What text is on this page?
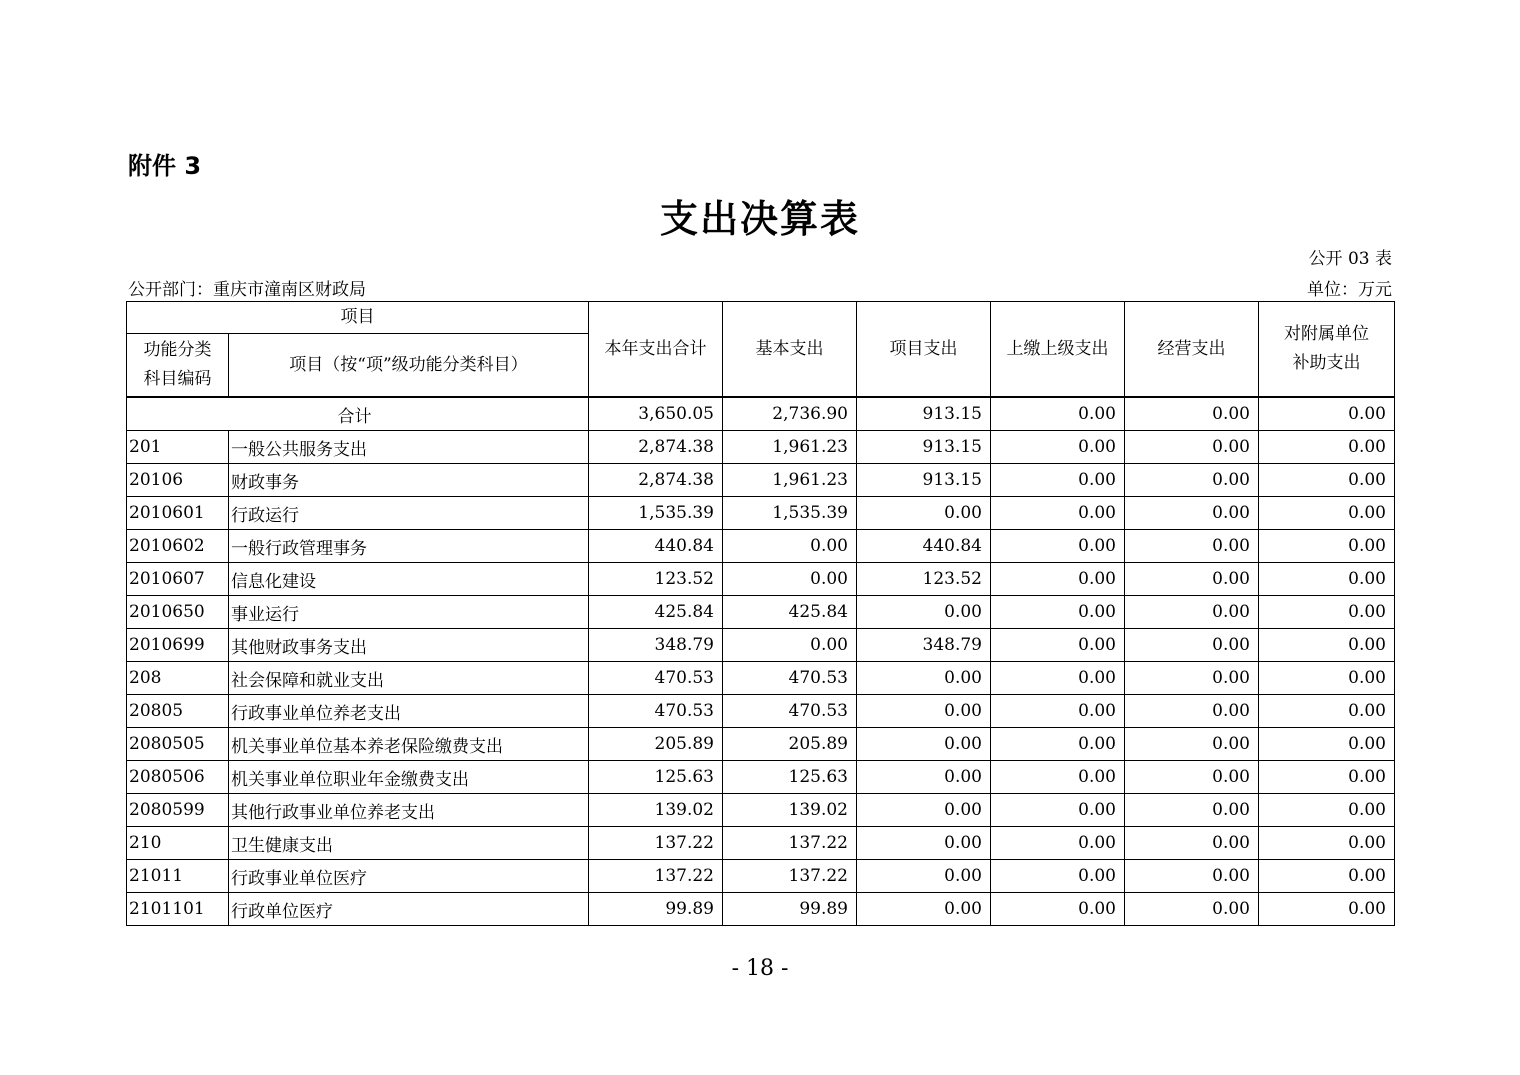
附件 3
支出决算表
公开 03 表
公开部门：重庆市潼南区财政局	单位：万元
项目		本年支出合计	基本支出	项目支出	上缴上级支出	经营支出	对附属单位
补助支出

功能分类
科目编码	项目（按“项”级功能分类科目）						
合计		3,650.05	2,736.90	913.15	0.00	0.00	0.00
201	一般公共服务支出	2,874.38	1,961.23	913.15	0.00	0.00	0.00
20106	财政事务	2,874.38	1,961.23	913.15	0.00	0.00	0.00
2010601	行政运行	1,535.39	1,535.39	0.00	0.00	0.00	0.00
2010602	一般行政管理事务	440.84	0.00	440.84	0.00	0.00	0.00
2010607	信息化建设	123.52	0.00	123.52	0.00	0.00	0.00
2010650	事业运行	425.84	425.84	0.00	0.00	0.00	0.00
2010699	其他财政事务支出	348.79	0.00	348.79	0.00	0.00	0.00
208	社会保障和就业支出	470.53	470.53	0.00	0.00	0.00	0.00
20805	行政事业单位养老支出	470.53	470.53	0.00	0.00	0.00	0.00
2080505	机关事业单位基本养老保险缴费支出	205.89	205.89	0.00	0.00	0.00	0.00
2080506	机关事业单位职业年金缴费支出	125.63	125.63	0.00	0.00	0.00	0.00
2080599	其他行政事业单位养老支出	139.02	139.02	0.00	0.00	0.00	0.00
210	卫生健康支出	137.22	137.22	0.00	0.00	0.00	0.00
21011	行政事业单位医疗	137.22	137.22	0.00	0.00	0.00	0.00
2101101	行政单位医疗	99.89	99.89	0.00	0.00	0.00	0.00
- 18 -
